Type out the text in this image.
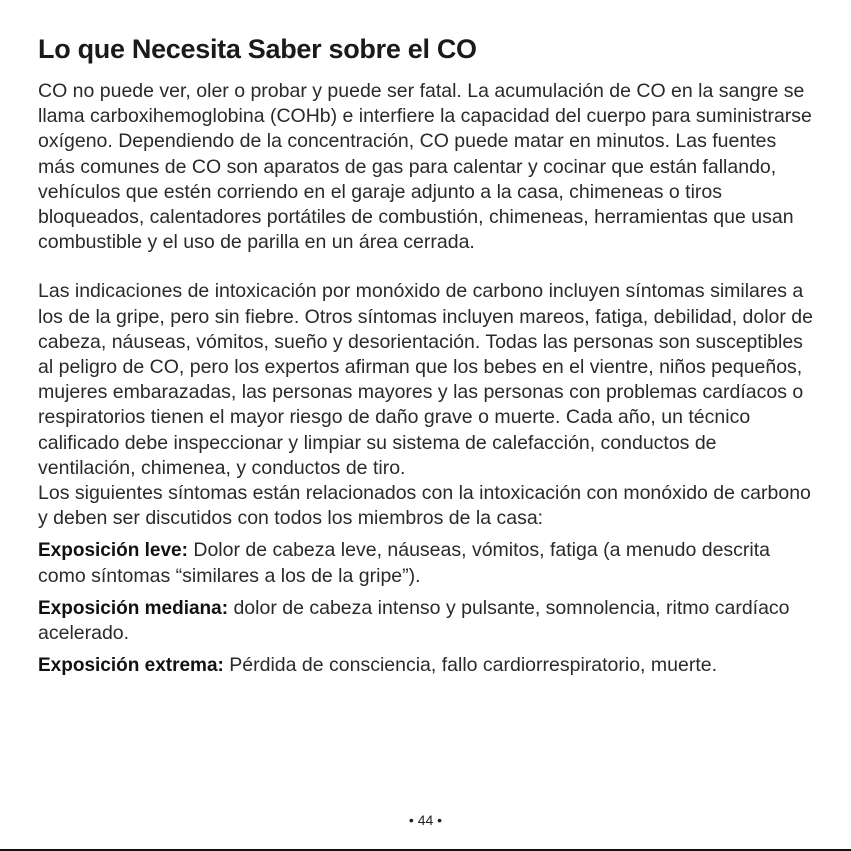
Lo que Necesita Saber sobre el CO

CO no puede ver, oler o probar y puede ser fatal. La acumulación de CO en la sangre se llama carboxihemoglobina (COHb) e interfiere la capacidad del cuerpo para suministrarse oxígeno. Dependiendo de la concentración, CO puede matar en minutos. Las fuentes más comunes de CO son aparatos de gas para calentar y cocinar que están fallando, vehículos que estén corriendo en el garaje adjunto a la casa, chimeneas o tiros bloqueados, calentadores portátiles de combustión, chimeneas, herramientas que usan combustible y el uso de parilla en un área cerrada.

Las indicaciones de intoxicación por monóxido de carbono incluyen síntomas similares a los de la gripe, pero sin fiebre. Otros síntomas incluyen mareos, fatiga, debilidad, dolor de cabeza, náuseas, vómitos, sueño y desorientación. Todas las personas son susceptibles al peligro de CO, pero los expertos afirman que los bebes en el vientre, niños pequeños, mujeres embarazadas, las personas mayores y las personas con problemas cardíacos o respiratorios tienen el mayor riesgo de daño grave o muerte. Cada año, un técnico calificado debe inspeccionar y limpiar su sistema de calefacción, conductos de ventilación, chimenea, y conductos de tiro.

Los siguientes síntomas están relacionados con la intoxicación con monóxido de carbono y deben ser discutidos con todos los miembros de la casa:

Exposición leve: Dolor de cabeza leve, náuseas, vómitos, fatiga (a menudo descrita como síntomas “similares a los de la gripe”).

Exposición mediana: dolor de cabeza intenso y pulsante, somnolencia, ritmo cardíaco acelerado.

Exposición extrema: Pérdida de consciencia, fallo cardiorrespiratorio, muerte.

• 44 •
